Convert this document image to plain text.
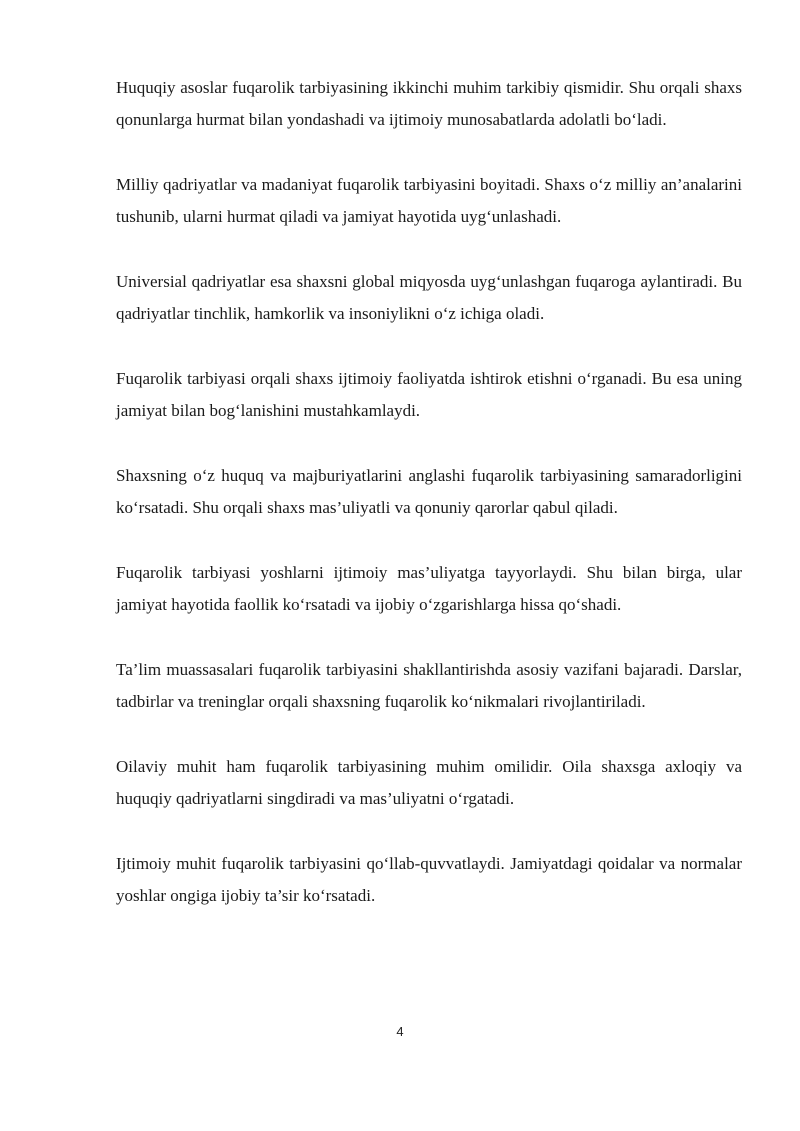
Huquqiy asoslar fuqarolik tarbiyasining ikkinchi muhim tarkibiy qismidir. Shu orqali shaxs qonunlarga hurmat bilan yondashadi va ijtimoiy munosabatlarda adolatli bo‘ladi.

Milliy qadriyatlar va madaniyat fuqarolik tarbiyasini boyitadi. Shaxs o‘z milliy an’analarini tushunib, ularni hurmat qiladi va jamiyat hayotida uyg‘unlashadi.

Universial qadriyatlar esa shaxsni global miqyosda uyg‘unlashgan fuqaroga aylantiradi. Bu qadriyatlar tinchlik, hamkorlik va insoniylikni o‘z ichiga oladi.

Fuqarolik tarbiyasi orqali shaxs ijtimoiy faoliyatda ishtirok etishni o‘rganadi. Bu esa uning jamiyat bilan bog‘lanishini mustahkamlaydi.

Shaxsning o‘z huquq va majburiyatlarini anglashi fuqarolik tarbiyasining samaradorligini ko‘rsatadi. Shu orqali shaxs mas’uliyatli va qonuniy qarorlar qabul qiladi.

Fuqarolik tarbiyasi yoshlarni ijtimoiy mas’uliyatga tayyorlaydi. Shu bilan birga, ular jamiyat hayotida faollik ko‘rsatadi va ijobiy o‘zgarishlarga hissa qo‘shadi.

Ta’lim muassasalari fuqarolik tarbiyasini shakllantirishda asosiy vazifani bajaradi. Darslar, tadbirlar va treninglar orqali shaxsning fuqarolik ko‘nikmalari rivojlantiriladi.

Oilaviy muhit ham fuqarolik tarbiyasining muhim omilidir. Oila shaxsga axloqiy va huquqiy qadriyatlarni singdiradi va mas’uliyatni o‘rgatadi.

Ijtimoiy muhit fuqarolik tarbiyasini qo‘llab-quvvatlaydi. Jamiyatdagi qoidalar va normalar yoshlar ongiga ijobiy ta’sir ko‘rsatadi.

4
